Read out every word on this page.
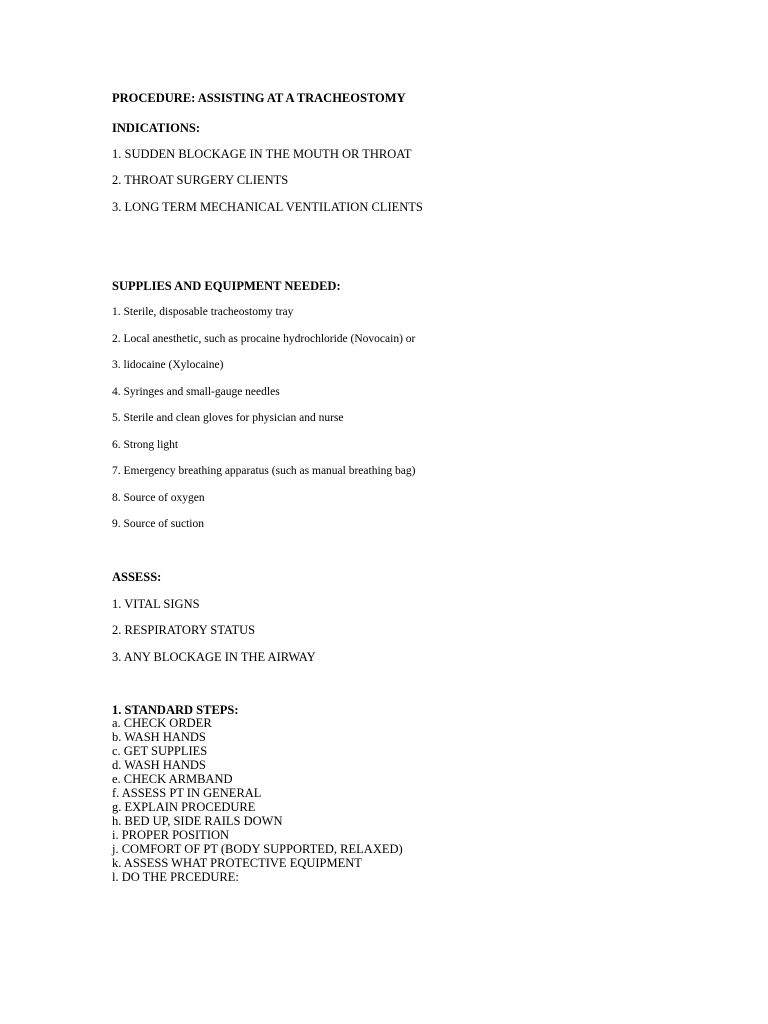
PROCEDURE: ASSISTING AT A TRACHEOSTOMY
INDICATIONS:
1. SUDDEN BLOCKAGE IN THE MOUTH OR THROAT
2. THROAT SURGERY CLIENTS
3. LONG TERM MECHANICAL VENTILATION CLIENTS
SUPPLIES AND EQUIPMENT NEEDED:
1. Sterile, disposable tracheostomy tray
2. Local anesthetic, such as procaine hydrochloride (Novocain) or
3. lidocaine (Xylocaine)
4. Syringes and small-gauge needles
5. Sterile and clean gloves for physician and nurse
6. Strong light
7. Emergency breathing apparatus (such as manual breathing bag)
8. Source of oxygen
9. Source of suction
ASSESS:
1. VITAL SIGNS
2. RESPIRATORY STATUS
3. ANY BLOCKAGE IN THE AIRWAY
1. STANDARD STEPS:
a. CHECK ORDER
b. WASH HANDS
c. GET SUPPLIES
d. WASH HANDS
e. CHECK ARMBAND
f. ASSESS PT IN GENERAL
g. EXPLAIN PROCEDURE
h. BED UP, SIDE RAILS DOWN
i. PROPER POSITION
j. COMFORT OF PT (BODY SUPPORTED, RELAXED)
k. ASSESS WHAT PROTECTIVE EQUIPMENT
l. DO THE PRCEDURE:
